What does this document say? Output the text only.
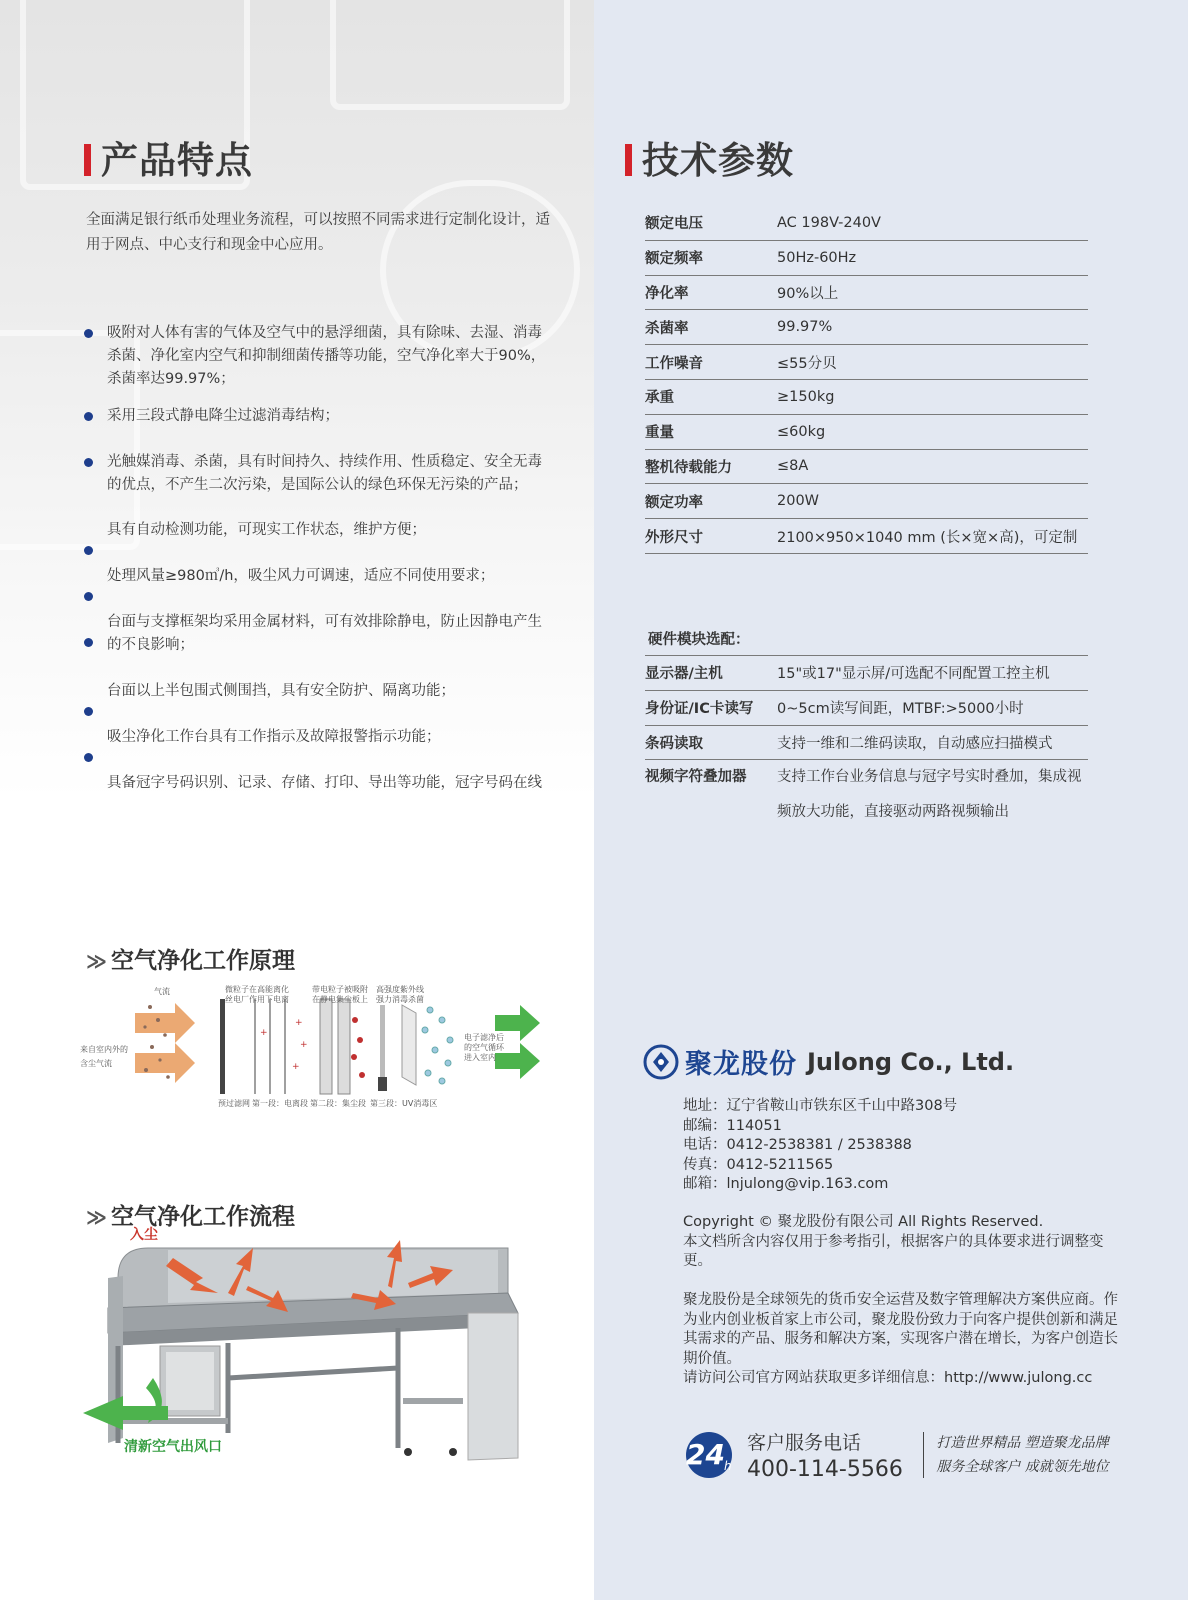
产品特点
全面满足银行纸币处理业务流程，可以按照不同需求进行定制化设计，适用于网点、中心支行和现金中心应用。
吸附对人体有害的气体及空气中的悬浮细菌，具有除味、去湿、消毒杀菌、净化室内空气和抑制细菌传播等功能，空气净化率大于90%，杀菌率达99.97%；
采用三段式静电降尘过滤消毒结构；
光触媒消毒、杀菌，具有时间持久、持续作用、性质稳定、安全无毒的优点，不产生二次污染，是国际公认的绿色环保无污染的产品；
具有自动检测功能，可现实工作状态，维护方便；
处理风量≥980㎥/h，吸尘风力可调速，适应不同使用要求；
台面与支撑框架均采用金属材料，可有效排除静电，防止因静电产生的不良影响；
台面以上半包围式侧围挡，具有安全防护、隔离功能；
吸尘净化工作台具有工作指示及故障报警指示功能；
具备冠字号码识别、记录、存储、打印、导出等功能，冠字号码在线
≫ 空气净化工作原理
+
+
+
+
气流
来自室内外的含尘气流
微粒子在高能离化
丝电厂作用下电离
带电粒子被吸附
在静电集尘板上
高强度紫外线
强力消毒杀菌
电子滤净后
的空气循环
进入室内
预过滤网 第一段：电离段 第二段：集尘段 第三段：UV消毒区
≫ 空气净化工作流程
入尘
清新空气出风口
技术参数
额定电压	AC 198V-240V
额定频率	50Hz-60Hz
净化率	90%以上
杀菌率	99.97%
工作噪音	≤55分贝
承重	≥150kg
重量	≤60kg
整机待载能力	≤8A
额定功率	200W
外形尺寸	2100×950×1040 mm (长×宽×高)，可定制
硬件模块选配：
显示器/主机	15"或17"显示屏/可选配不同配置工控主机
身份证/IC卡读写	0~5cm读写间距，MTBF:>5000小时
条码读取	支持一维和二维码读取，自动感应扫描模式
视频字符叠加器	支持工作台业务信息与冠字号实时叠加，集成视频放大功能，直接驱动两路视频输出
聚龙股份 Julong Co., Ltd.
地址：辽宁省鞍山市铁东区千山中路308号
邮编：114051
电话：0412-2538381 / 2538388
传真：0412-5211565
邮箱：lnjulong@vip.163.com
Copyright © 聚龙股份有限公司 All Rights Reserved.
本文档所含内容仅用于参考指引，根据客户的具体要求进行调整变更。
聚龙股份是全球领先的货币安全运营及数字管理解决方案供应商。作为业内创业板首家上市公司，聚龙股份致力于向客户提供创新和满足其需求的产品、服务和解决方案，实现客户潜在增长，为客户创造长期价值。
请访问公司官方网站获取更多详细信息：http://www.julong.cc
24 h
客户服务电话
400-114-5566
打造世界精品 塑造聚龙品牌
服务全球客户 成就领先地位
